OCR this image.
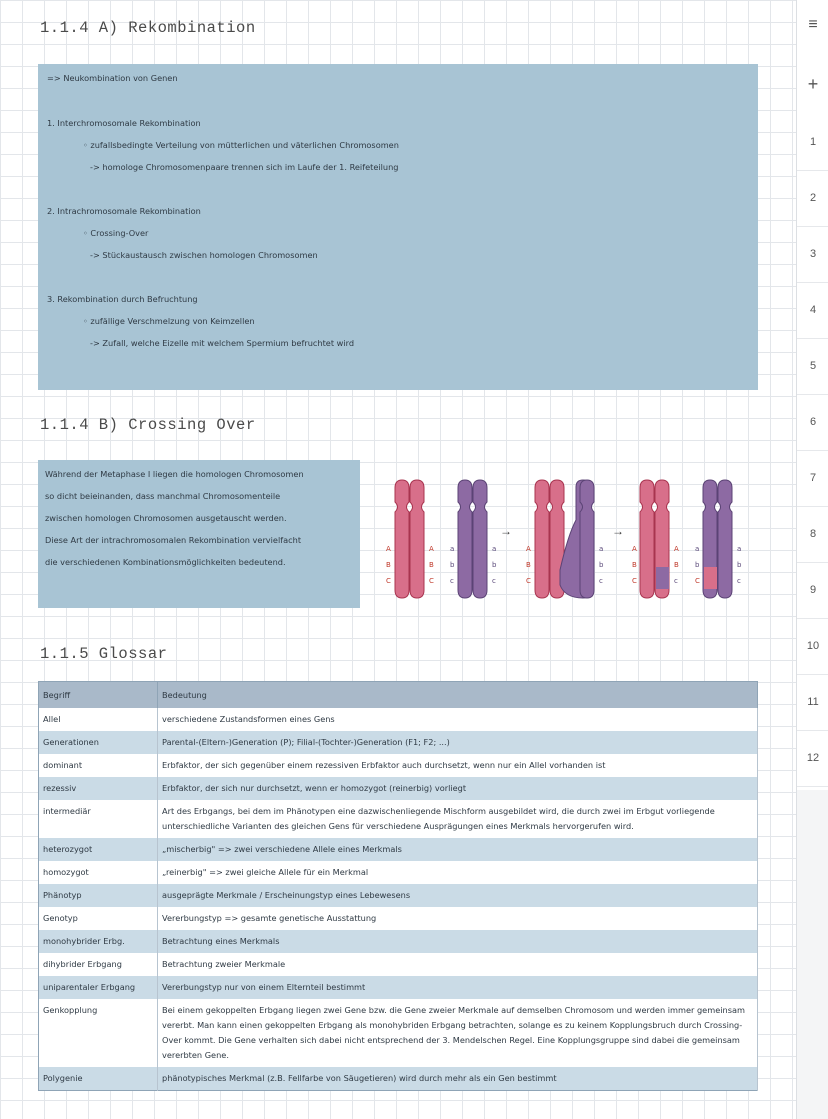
1.1.4 A) Rekombination
=> Neukombination von Genen
1. Interchromosomale Rekombination
◦ zufallsbedingte Verteilung von mütterlichen und väterlichen Chromosomen
-> homologe Chromosomenpaare trennen sich im Laufe der 1. Reifeteilung
2. Intrachromosomale Rekombination
◦ Crossing-Over
-> Stückaustausch zwischen homologen Chromosomen
3. Rekombination durch Befruchtung
◦ zufällige Verschmelzung von Keimzellen
-> Zufall, welche Eizelle mit welchem Spermium befruchtet wird
1.1.4 B) Crossing Over
Während der Metaphase I liegen die homologen Chromosomen
so dicht beieinanden, dass manchmal Chromosomenteile
zwischen homologen Chromosomen ausgetauscht werden.
Diese Art der intrachromosomalen Rekombination vervielfacht
die verschiedenen Kombinationsmöglichkeiten bedeutend.
A
B
C
A
B
C
a
b
c
a
b
c
→
A
B
C
a
b
c
→
A
B
C
A
B
c
a
b
C
a
b
c
1.1.5 Glossar
Begriff	Bedeutung
Allel	verschiedene Zustandsformen eines Gens
Generationen	Parental-(Eltern-)Generation (P); Filial-(Tochter-)Generation (F1; F2; ...)
dominant	Erbfaktor, der sich gegenüber einem rezessiven Erbfaktor auch durchsetzt, wenn nur ein Allel vorhanden ist
rezessiv	Erbfaktor, der sich nur durchsetzt, wenn er homozygot (reinerbig) vorliegt
intermediär	Art des Erbgangs, bei dem im Phänotypen eine dazwischenliegende Mischform ausgebildet wird, die durch zwei im Erbgut vorliegende unterschiedliche Varianten des gleichen Gens für verschiedene Ausprägungen eines Merkmals hervorgerufen wird.
heterozygot	„mischerbig" => zwei verschiedene Allele eines Merkmals
homozygot	„reinerbig" => zwei gleiche Allele für ein Merkmal
Phänotyp	ausgeprägte Merkmale / Erscheinungstyp eines Lebewesens
Genotyp	Vererbungstyp => gesamte genetische Ausstattung
monohybrider Erbg.	Betrachtung eines Merkmals
dihybrider Erbgang	Betrachtung zweier Merkmale
uniparentaler Erbgang	Vererbungstyp nur von einem Elternteil bestimmt
Genkopplung	Bei einem gekoppelten Erbgang liegen zwei Gene bzw. die Gene zweier Merkmale auf demselben Chromosom und werden immer gemeinsam vererbt. Man kann einen gekoppelten Erbgang als monohybriden Erbgang betrachten, solange es zu keinem Kopplungsbruch durch Crossing-Over kommt. Die Gene verhalten sich dabei nicht entsprechend der 3. Mendelschen Regel. Eine Kopplungsgruppe sind dabei die gemeinsam vererbten Gene.
Polygenie	phänotypisches Merkmal (z.B. Fellfarbe von Säugetieren) wird durch mehr als ein Gen bestimmt
≡
+
1
2
3
4
5
6
7
8
9
10
11
12
